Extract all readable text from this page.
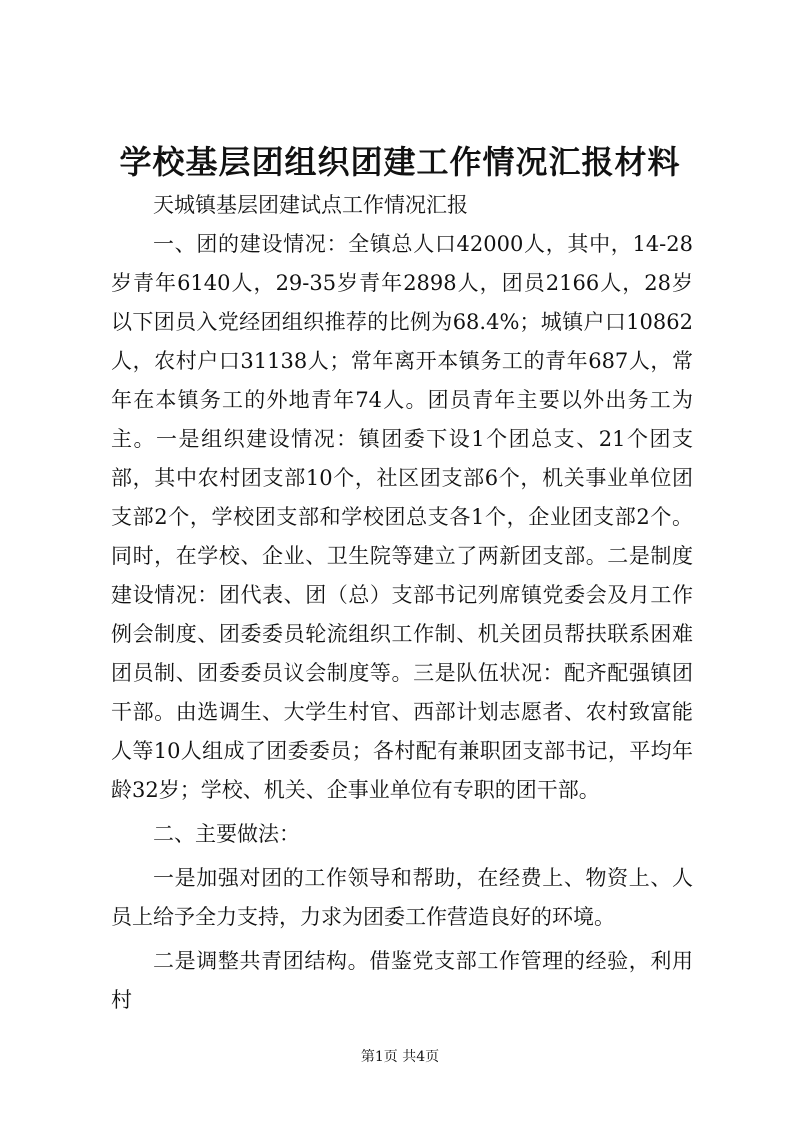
学校基层团组织团建工作情况汇报材料

天城镇基层团建试点工作情况汇报

一、团的建设情况：全镇总人口42000人，其中，14-28岁青年6140人，29-35岁青年2898人，团员2166人，28岁以下团员入党经团组织推荐的比例为68.4%；城镇户口10862人，农村户口31138人；常年离开本镇务工的青年687人，常年在本镇务工的外地青年74人。团员青年主要以外出务工为主。一是组织建设情况：镇团委下设1个团总支、21个团支部，其中农村团支部10个，社区团支部6个，机关事业单位团支部2个，学校团支部和学校团总支各1个，企业团支部2个。同时，在学校、企业、卫生院等建立了两新团支部。二是制度建设情况：团代表、团（总）支部书记列席镇党委会及月工作例会制度、团委委员轮流组织工作制、机关团员帮扶联系困难团员制、团委委员议会制度等。三是队伍状况：配齐配强镇团干部。由选调生、大学生村官、西部计划志愿者、农村致富能人等10人组成了团委委员；各村配有兼职团支部书记，平均年龄32岁；学校、机关、企事业单位有专职的团干部。

二、主要做法：

一是加强对团的工作领导和帮助，在经费上、物资上、人员上给予全力支持，力求为团委工作营造良好的环境。

二是调整共青团结构。借鉴党支部工作管理的经验，利用村

第1页 共4页
